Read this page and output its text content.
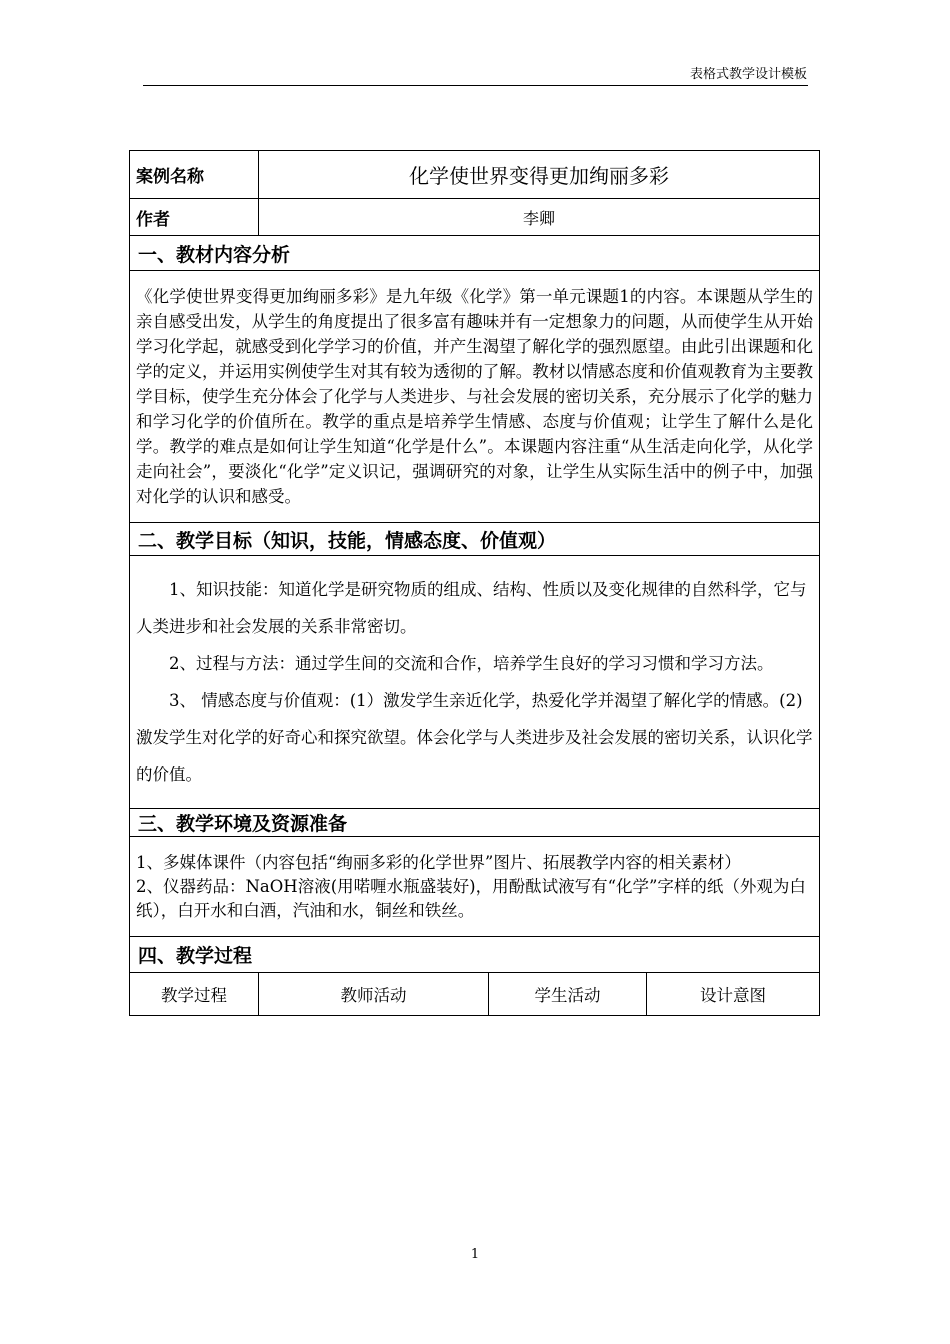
表格式教学设计模板
案例名称	化学使世界变得更加绚丽多彩		
作者	李卿		
一、教材内容分析			
《化学使世界变得更加绚丽多彩》是九年级《化学》第一单元课题1的内容。本课题从学生的亲自感受出发，从学生的角度提出了很多富有趣味并有一定想象力的问题，从而使学生从开始学习化学起，就感受到化学学习的价值，并产生渴望了解化学的强烈愿望。由此引出课题和化学的定义，并运用实例使学生对其有较为透彻的了解。教材以情感态度和价值观教育为主要教学目标，使学生充分体会了化学与人类进步、与社会发展的密切关系，充分展示了化学的魅力和学习化学的价值所在。教学的重点是培养学生情感、态度与价值观；让学生了解什么是化学。教学的难点是如何让学生知道“化学是什么”。本课题内容注重“从生活走向化学，从化学走向社会”，要淡化“化学”定义识记，强调研究的对象，让学生从实际生活中的例子中，加强对化学的认识和感受。			
二、教学目标（知识，技能，情感态度、价值观）			

1、知识技能：知道化学是研究物质的组成、结构、性质以及变化规律的自然科学，它与人类进步和社会发展的关系非常密切。

2、过程与方法：通过学生间的交流和合作，培养学生良好的学习习惯和学习方法。

3、 情感态度与价值观：(1）激发学生亲近化学，热爱化学并渴望了解化学的情感。(2)激发学生对化学的好奇心和探究欲望。体会化学与人类进步及社会发展的密切关系，认识化学的价值。			

三、教学环境及资源准备			

1、多媒体课件（内容包括“绚丽多彩的化学世界”图片、拓展教学内容的相关素材）

2、仪器药品：NaOH溶液(用喏喱水瓶盛装好)，用酚酞试液写有“化学”字样的纸（外观为白纸），白开水和白酒，汽油和水，铜丝和铁丝。			

四、教学过程			
教学过程	教师活动	学生活动	设计意图
1
